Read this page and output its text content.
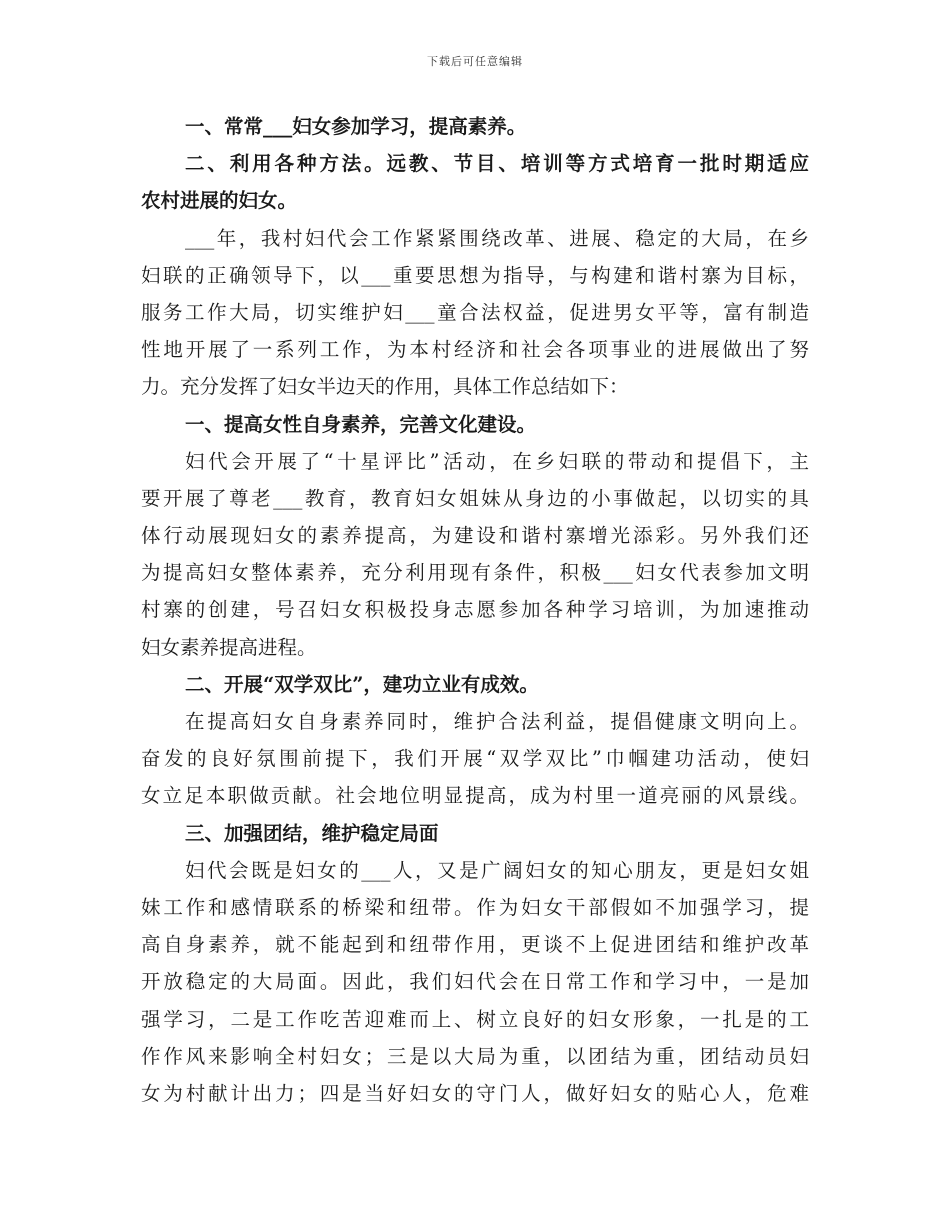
下载后可任意编辑
一、常常___妇女参加学习，提高素养。
二、利用各种方法。远教、节目、培训等方式培育一批时期适应
农村进展的妇女。
___年，我村妇代会工作紧紧围绕改革、进展、稳定的大局，在乡
妇联的正确领导下，以___重要思想为指导，与构建和谐村寨为目标，
服务工作大局，切实维护妇___童合法权益，促进男女平等，富有制造
性地开展了一系列工作，为本村经济和社会各项事业的进展做出了努
力。充分发挥了妇女半边天的作用，具体工作总结如下：
一、提高女性自身素养，完善文化建设。
妇代会开展了“十星评比”活动，在乡妇联的带动和提倡下，主
要开展了尊老___教育，教育妇女姐妹从身边的小事做起，以切实的具
体行动展现妇女的素养提高，为建设和谐村寨增光添彩。另外我们还
为提高妇女整体素养，充分利用现有条件，积极___妇女代表参加文明
村寨的创建，号召妇女积极投身志愿参加各种学习培训，为加速推动
妇女素养提高进程。
二、开展“双学双比”，建功立业有成效。
在提高妇女自身素养同时，维护合法利益，提倡健康文明向上。
奋发的良好氛围前提下，我们开展“双学双比”巾帼建功活动，使妇
女立足本职做贡献。社会地位明显提高，成为村里一道亮丽的风景线。
三、加强团结，维护稳定局面
妇代会既是妇女的___人，又是广阔妇女的知心朋友，更是妇女姐
妹工作和感情联系的桥梁和纽带。作为妇女干部假如不加强学习，提
高自身素养，就不能起到和纽带作用，更谈不上促进团结和维护改革
开放稳定的大局面。因此，我们妇代会在日常工作和学习中，一是加
强学习，二是工作吃苦迎难而上、树立良好的妇女形象，一扎是的工
作作风来影响全村妇女；三是以大局为重，以团结为重，团结动员妇
女为村献计出力；四是当好妇女的守门人，做好妇女的贴心人，危难
